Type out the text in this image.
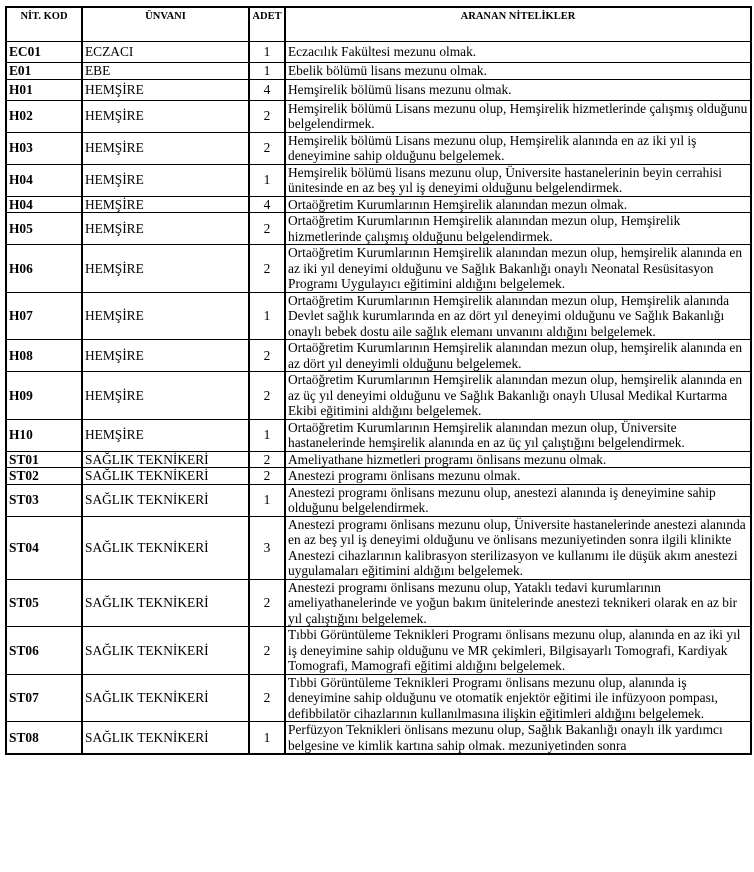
NİT. KOD	ÜNVANI	ADET	ARANAN NİTELİKLER
EC01	ECZACI	1	Eczacılık Fakültesi mezunu olmak.
E01	EBE	1	Ebelik bölümü lisans mezunu olmak.
H01	HEMŞİRE	4	Hemşirelik bölümü lisans mezunu olmak.
H02	HEMŞİRE	2	Hemşirelik bölümü Lisans mezunu olup, Hemşirelik hizmetlerinde çalışmış olduğunu belgelendirmek.
H03	HEMŞİRE	2	Hemşirelik bölümü Lisans mezunu olup, Hemşirelik alanında en az iki yıl iş deneyimine sahip olduğunu belgelemek.
H04	HEMŞİRE	1	Hemşirelik bölümü lisans mezunu olup, Üniversite hastanelerinin beyin cerrahisi ünitesinde en az beş yıl iş deneyimi olduğunu belgelendirmek.
H04	HEMŞİRE	4	Ortaöğretim Kurumlarının Hemşirelik alanından mezun olmak.
H05	HEMŞİRE	2	Ortaöğretim Kurumlarının Hemşirelik alanından mezun olup, Hemşirelik hizmetlerinde çalışmış olduğunu belgelendirmek.
H06	HEMŞİRE	2	Ortaöğretim Kurumlarının Hemşirelik alanından mezun olup, hemşirelik alanında en az iki yıl deneyimi olduğunu ve Sağlık Bakanlığı onaylı Neonatal Resüsitasyon Programı Uygulayıcı eğitimini aldığını belgelemek.
H07	HEMŞİRE	1	Ortaöğretim Kurumlarının Hemşirelik alanından mezun olup, Hemşirelik alanında Devlet sağlık kurumlarında en az dört yıl deneyimi olduğunu ve Sağlık Bakanlığı onaylı bebek dostu aile sağlık elemanı unvanını aldığını belgelemek.
H08	HEMŞİRE	2	Ortaöğretim Kurumlarının Hemşirelik alanından mezun olup, hemşirelik alanında en az dört yıl deneyimli olduğunu belgelemek.
H09	HEMŞİRE	2	Ortaöğretim Kurumlarının Hemşirelik alanından mezun olup, hemşirelik alanında en az üç yıl deneyimi olduğunu ve Sağlık Bakanlığı onaylı Ulusal Medikal Kurtarma Ekibi eğitimini aldığını belgelemek.
H10	HEMŞİRE	1	Ortaöğretim Kurumlarının Hemşirelik alanından mezun olup, Üniversite hastanelerinde hemşirelik alanında en az üç yıl çalıştığını belgelendirmek.
ST01	SAĞLIK TEKNİKERİ	2	Ameliyathane hizmetleri programı önlisans mezunu olmak.
ST02	SAĞLIK TEKNİKERİ	2	Anestezi programı önlisans mezunu olmak.
ST03	SAĞLIK TEKNİKERİ	1	Anestezi programı önlisans mezunu olup, anestezi alanında iş deneyimine sahip olduğunu belgelendirmek.
ST04	SAĞLIK TEKNİKERİ	3	Anestezi programı önlisans mezunu olup, Üniversite hastanelerinde anestezi alanında en az beş yıl iş deneyimi olduğunu ve önlisans mezuniyetinden sonra ilgili klinikte Anestezi cihazlarının kalibrasyon sterilizasyon ve kullanımı ile düşük akım anestezi uygulamaları eğitimini aldığını belgelemek.
ST05	SAĞLIK TEKNİKERİ	2	Anestezi programı önlisans mezunu olup, Yataklı tedavi kurumlarının ameliyathanelerinde ve yoğun bakım ünitelerinde anestezi teknikeri olarak en az bir yıl çalıştığını belgelemek.
ST06	SAĞLIK TEKNİKERİ	2	Tıbbi Görüntüleme Teknikleri Programı önlisans mezunu olup, alanında en az iki yıl iş deneyimine sahip olduğunu ve MR çekimleri, Bilgisayarlı Tomografi, Kardiyak Tomografi, Mamografi eğitimi aldığını belgelemek.
ST07	SAĞLIK TEKNİKERİ	2	Tıbbi Görüntüleme Teknikleri Programı önlisans mezunu olup, alanında iş deneyimine sahip olduğunu ve otomatik enjektör eğitimi ile infüzyoon pompası, defibbilatör cihazlarının kullanılmasına ilişkin eğitimleri aldığını belgelemek.
ST08	SAĞLIK TEKNİKERİ	1	Perfüzyon Teknikleri önlisans mezunu olup, Sağlık Bakanlığı onaylı ilk yardımcı belgesine ve kimlik kartına sahip olmak. mezuniyetinden sonra
